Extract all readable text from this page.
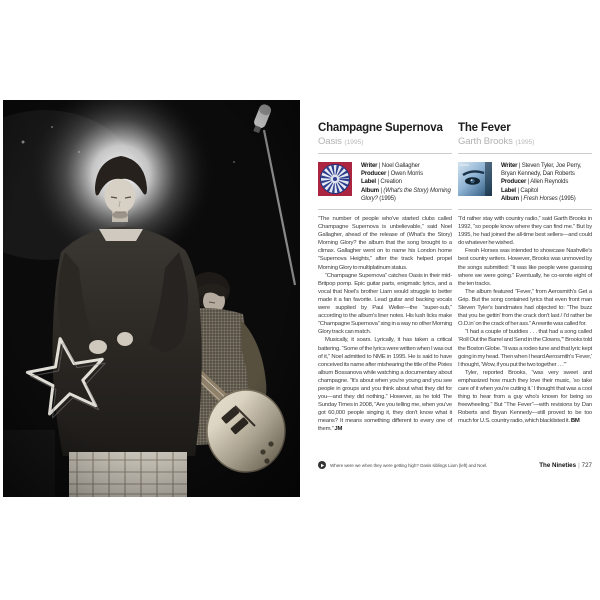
Champagne Supernova
Oasis (1995)
Writer | Noel Gallagher
Producer | Owen Morris
Label | Creation
Album | (What's the Story) Morning Glory? (1995)

“The number of people who've started clubs called Champagne Supernova is unbelievable,” said Noel Gallagher, ahead of the release of (What's the Story) Morning Glory? the album that the song brought to a climax. Gallagher went on to name his London home “Supernova Heights,” after the track helped propel Morning Glory to multiplatinum status.

“Champagne Supernova” catches Oasis in their mid-Britpop pomp. Epic guitar parts, enigmatic lyrics, and a vocal that Noel's brother Liam would struggle to better made it a fan favorite. Lead guitar and backing vocals were supplied by Paul Weller—the “super-sub,” according to the album's liner notes. His lush licks make “Champagne Supernova” sing in a way no other Morning Glory track can match.

Musically, it soars. Lyrically, it has taken a critical battering. “Some of the lyrics were written when I was out of it,” Noel admitted to NME in 1995. He is said to have conceived its name after mishearing the title of the Pixies album Bossanova while watching a documentary about champagne. “It's about when you're young and you see people in groups and you think about what they did for you—and they did nothing.” However, as he told The Sunday Times in 2008, “Are you telling me, when you've got 60,000 people singing it, they don't know what it means? It means something different to every one of them.” JM

The Fever
Garth Brooks (1995)
Writer | Steven Tyler, Joe Perry, Bryan Kennedy, Dan Roberts
Producer | Allen Reynolds
Label | Capitol
Album | Fresh Horses (1995)

“I'd rather stay with country radio,” said Garth Brooks in 1992, “so people know where they can find me.” But by 1995, he had joined the all-time best sellers—and could do whatever he wished.

Fresh Horses was intended to showcase Nashville's best country writers. However, Brooks was unmoved by the songs submitted: “It was like people were guessing where we were going.” Eventually, he co-wrote eight of the ten tracks.

The album featured “Fever,” from Aerosmith's Get a Grip. But the song contained lyrics that even front man Steven Tyler's bandmates had objected to: “The buzz that you be gettin' from the crack don't last / I'd rather be O.D.in' on the crack of her ass.” A rewrite was called for.

“I had a couple of buddies . . . that had a song called ‘Roll Out the Barrel and Send in the Clowns,'” Brooks told the Boston Globe. “It was a rodeo tune and that lyric kept going in my head. Then when I heard Aerosmith's ‘Fever,' I thought, ‘Wow, if you put the two together . . .'”

Tyler, reported Brooks, “was very sweet and emphasized how much they love their music, ‘so take care of it when you're cutting it.' I thought that was a cool thing to hear from a guy who's known for being so freewheeling.” But “The Fever”—with revisions by Dan Roberts and Bryan Kennedy—still proved to be too much for U.S. country radio, which blacklisted it. BM

Where were we when they were getting high? Oasis siblings Liam (left) and Noel.	The Nineties | 727
